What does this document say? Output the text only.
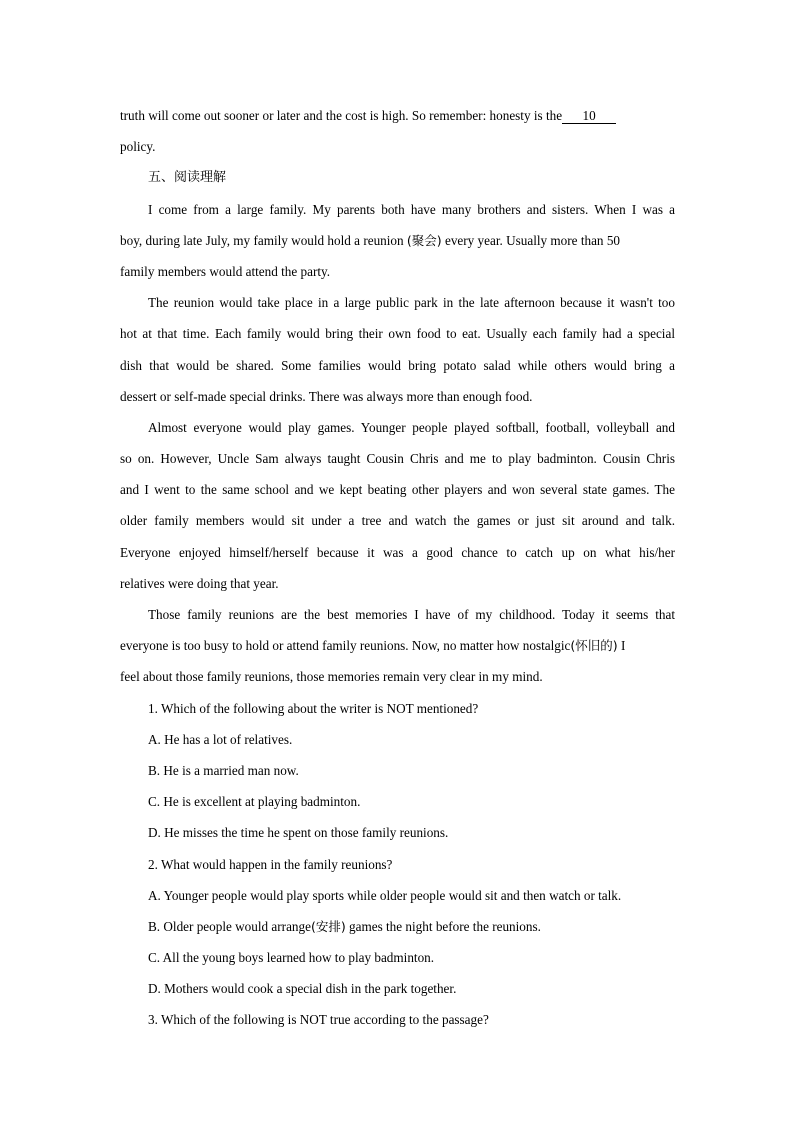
truth will come out sooner or later and the cost is high. So remember: honesty is the 10
policy.
五、阅读理解
I come from a large family. My parents both have many brothers and sisters. When I was a
boy, during late July, my family would hold a reunion (聚会) every year. Usually more than 50
family members would attend the party.
The reunion would take place in a large public park in the late afternoon because it wasn't too
hot at that time. Each family would bring their own food to eat. Usually each family had a special
dish that would be shared. Some families would bring potato salad while others would bring a
dessert or self-made special drinks. There was always more than enough food.
Almost everyone would play games. Younger people played softball, football, volleyball and
so on. However, Uncle Sam always taught Cousin Chris and me to play badminton. Cousin Chris
and I went to the same school and we kept beating other players and won several state games. The
older family members would sit under a tree and watch the games or just sit around and talk.
Everyone enjoyed himself/herself because it was a good chance to catch up on what his/her
relatives were doing that year.
Those family reunions are the best memories I have of my childhood. Today it seems that
everyone is too busy to hold or attend family reunions. Now, no matter how nostalgic(怀旧的) I
feel about those family reunions, those memories remain very clear in my mind.
1. Which of the following about the writer is NOT mentioned?
A. He has a lot of relatives.
B. He is a married man now.
C. He is excellent at playing badminton.
D. He misses the time he spent on those family reunions.
2. What would happen in the family reunions?
A. Younger people would play sports while older people would sit and then watch or talk.
B. Older people would arrange(安排) games the night before the reunions.
C. All the young boys learned how to play badminton.
D. Mothers would cook a special dish in the park together.
3. Which of the following is NOT true according to the passage?
